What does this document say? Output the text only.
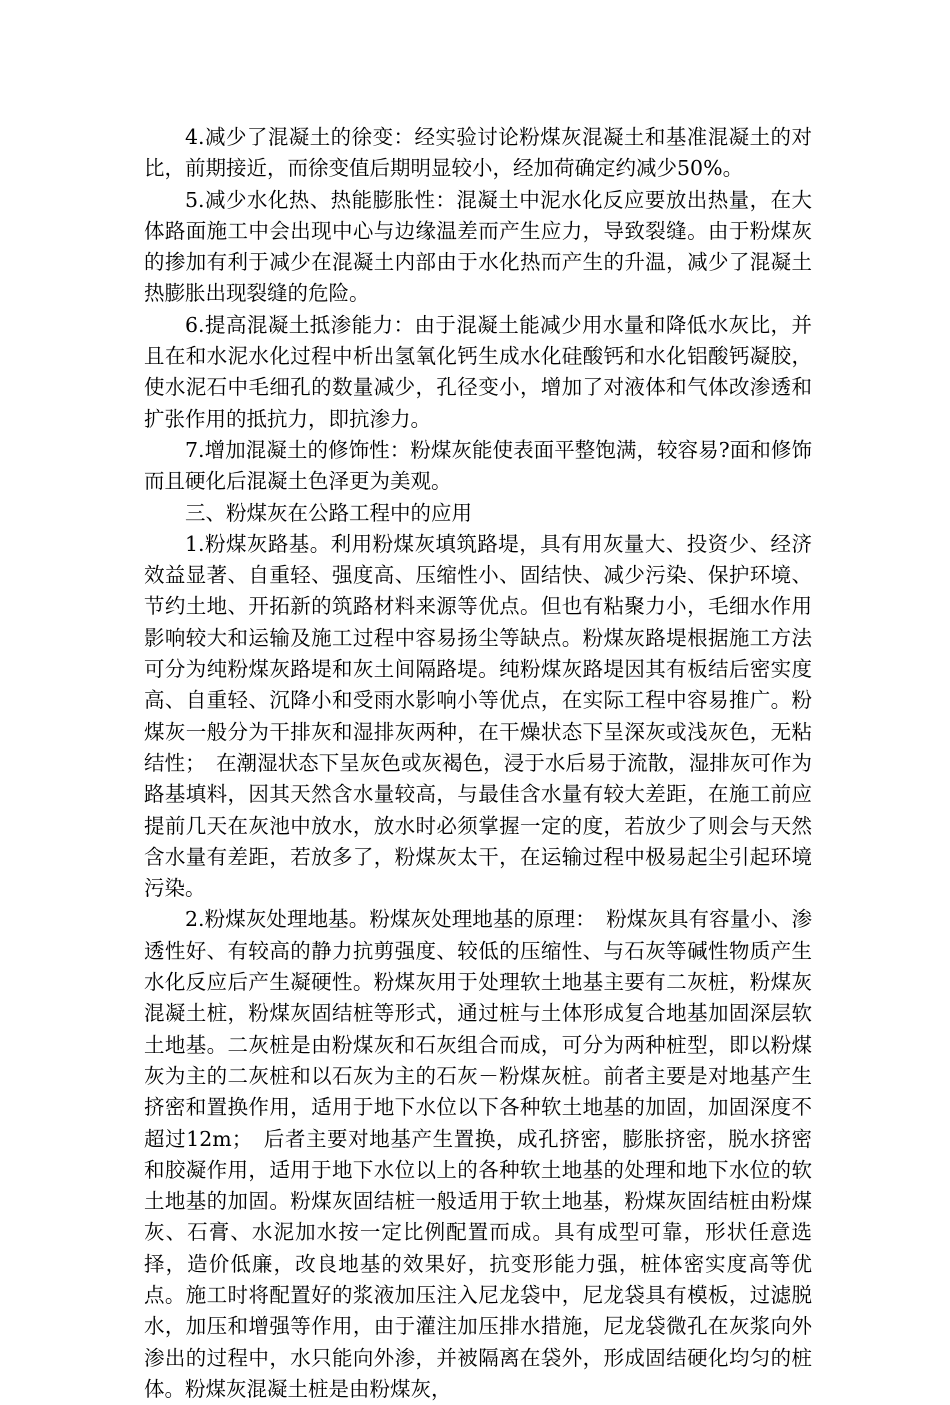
4.减少了混凝土的徐变：经实验讨论粉煤灰混凝土和基准混凝土的对比，前期接近，而徐变值后期明显较小，经加荷确定约减少50%。

5.减少水化热、热能膨胀性：混凝土中泥水化反应要放出热量，在大体路面施工中会出现中心与边缘温差而产生应力，导致裂缝。由于粉煤灰的掺加有利于减少在混凝土内部由于水化热而产生的升温，减少了混凝土热膨胀出现裂缝的危险。

6.提高混凝土抵渗能力：由于混凝土能减少用水量和降低水灰比，并且在和水泥水化过程中析出氢氧化钙生成水化硅酸钙和水化铝酸钙凝胶，使水泥石中毛细孔的数量减少，孔径变小，增加了对液体和气体改渗透和扩张作用的抵抗力，即抗渗力。

7.增加混凝土的修饰性：粉煤灰能使表面平整饱满，较容易?面和修饰而且硬化后混凝土色泽更为美观。

三、粉煤灰在公路工程中的应用

1.粉煤灰路基。利用粉煤灰填筑路堤，具有用灰量大、投资少、经济效益显著、自重轻、强度高、压缩性小、固结快、减少污染、保护环境、节约土地、开拓新的筑路材料来源等优点。但也有粘聚力小，毛细水作用影响较大和运输及施工过程中容易扬尘等缺点。粉煤灰路堤根据施工方法可分为纯粉煤灰路堤和灰土间隔路堤。纯粉煤灰路堤因其有板结后密实度高、自重轻、沉降小和受雨水影响小等优点，在实际工程中容易推广。粉煤灰一般分为干排灰和湿排灰两种，在干燥状态下呈深灰或浅灰色，无粘结性；　在潮湿状态下呈灰色或灰褐色，浸于水后易于流散，湿排灰可作为路基填料，因其天然含水量较高，与最佳含水量有较大差距，在施工前应提前几天在灰池中放水，放水时必须掌握一定的度，若放少了则会与天然含水量有差距，若放多了，粉煤灰太干，在运输过程中极易起尘引起环境污染。

2.粉煤灰处理地基。粉煤灰处理地基的原理：　粉煤灰具有容量小、渗透性好、有较高的静力抗剪强度、较低的压缩性、与石灰等碱性物质产生水化反应后产生凝硬性。粉煤灰用于处理软土地基主要有二灰桩，粉煤灰混凝土桩，粉煤灰固结桩等形式，通过桩与土体形成复合地基加固深层软土地基。二灰桩是由粉煤灰和石灰组合而成，可分为两种桩型，即以粉煤灰为主的二灰桩和以石灰为主的石灰－粉煤灰桩。前者主要是对地基产生挤密和置换作用，适用于地下水位以下各种软土地基的加固，加固深度不超过12m；　后者主要对地基产生置换，成孔挤密，膨胀挤密，脱水挤密和胶凝作用，适用于地下水位以上的各种软土地基的处理和地下水位的软土地基的加固。粉煤灰固结桩一般适用于软土地基，粉煤灰固结桩由粉煤灰、石膏、水泥加水按一定比例配置而成。具有成型可靠，形状任意选择，造价低廉，改良地基的效果好，抗变形能力强，桩体密实度高等优点。施工时将配置好的浆液加压注入尼龙袋中，尼龙袋具有模板，过滤脱水，加压和增强等作用，由于灌注加压排水措施，尼龙袋微孔在灰浆向外渗出的过程中，水只能向外渗，并被隔离在袋外，形成固结硬化均匀的桩体。粉煤灰混凝土桩是由粉煤灰，
